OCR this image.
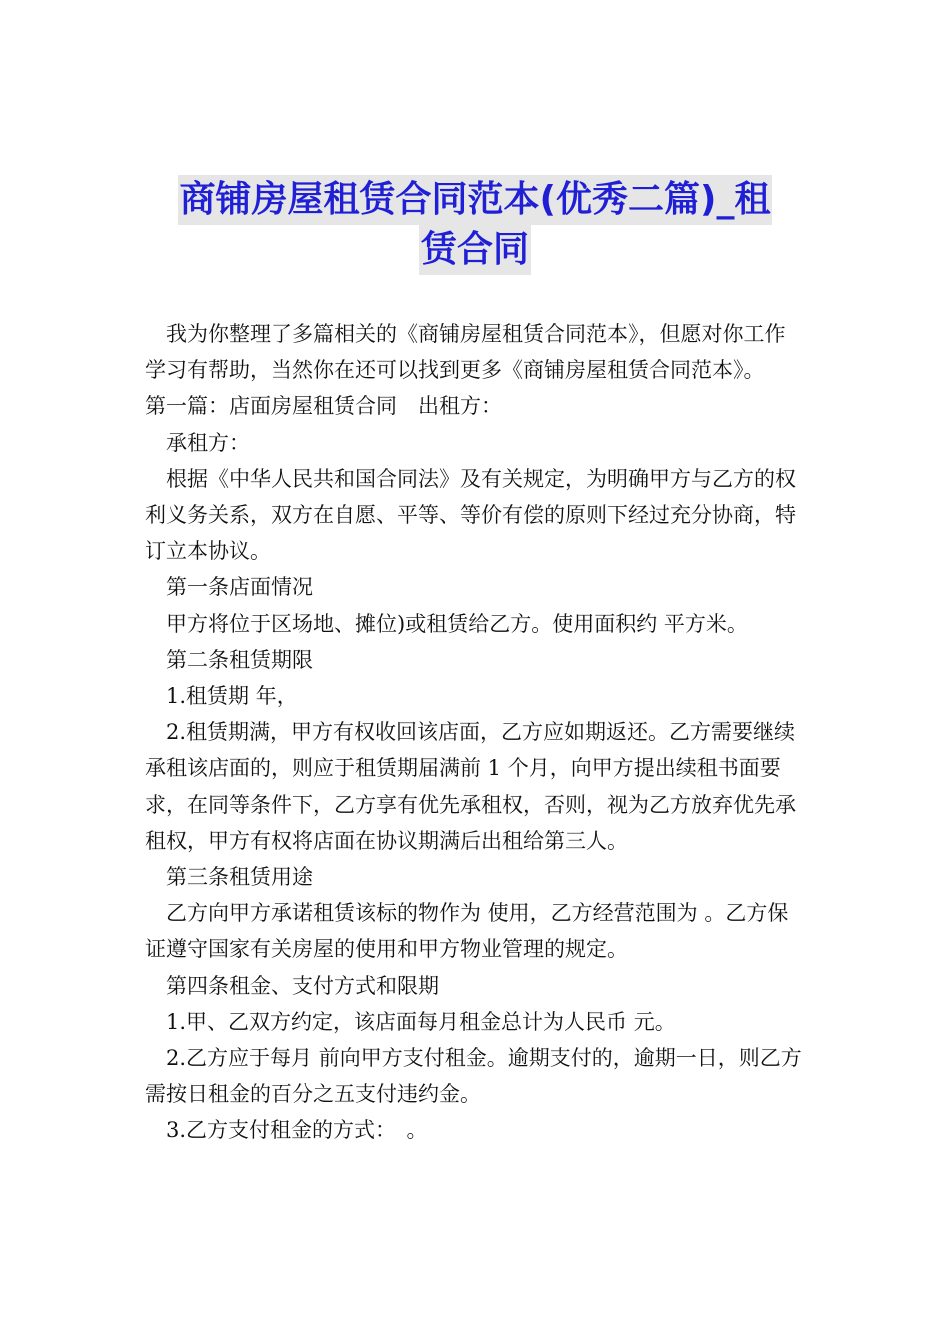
商铺房屋租赁合同范本(优秀二篇)_租
赁合同

我为你整理了多篇相关的《商铺房屋租赁合同范本》，但愿对你工作学习有帮助，当然你在还可以找到更多《商铺房屋租赁合同范本》。

第一篇：店面房屋租赁合同　出租方：

承租方：

根据《中华人民共和国合同法》及有关规定，为明确甲方与乙方的权利义务关系，双方在自愿、平等、等价有偿的原则下经过充分协商，特订立本协议。

第一条店面情况

甲方将位于区场地、摊位)或租赁给乙方。使用面积约 平方米。

第二条租赁期限

1.租赁期 年，

2.租赁期满，甲方有权收回该店面，乙方应如期返还。乙方需要继续承租该店面的，则应于租赁期届满前 1 个月，向甲方提出续租书面要求，在同等条件下，乙方享有优先承租权，否则，视为乙方放弃优先承租权，甲方有权将店面在协议期满后出租给第三人。

第三条租赁用途

乙方向甲方承诺租赁该标的物作为 使用，乙方经营范围为 。乙方保证遵守国家有关房屋的使用和甲方物业管理的规定。

第四条租金、支付方式和限期

1.甲、乙双方约定，该店面每月租金总计为人民币 元。

2.乙方应于每月 前向甲方支付租金。逾期支付的，逾期一日，则乙方需按日租金的百分之五支付违约金。

3.乙方支付租金的方式：　。
